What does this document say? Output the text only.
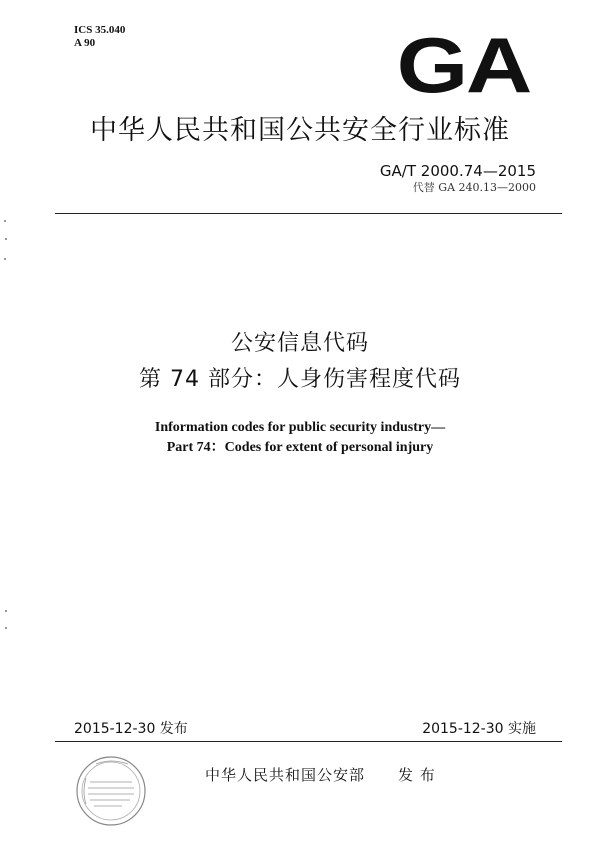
ICS 35.040
A 90	GA
中华人民共和国公共安全行业标准
GA/T 2000.74—2015
代替 GA 240.13—2000
公安信息代码
第 74 部分：人身伤害程度代码
Information codes for public security industry—
Part 74：Codes for extent of personal injury
2015-12-30 发布	2015-12-30 实施
中华人民共和国公安部 发 布
